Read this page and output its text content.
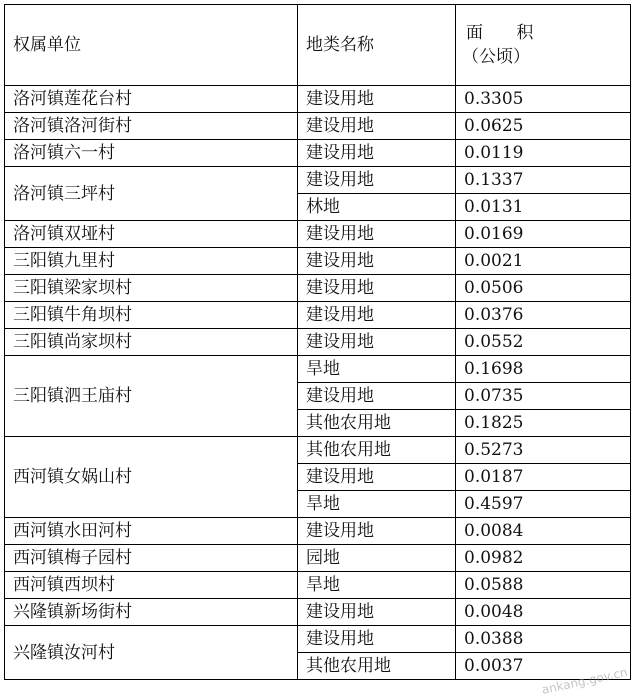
权属单位	地类名称	面 积
（公顷）

洛河镇莲花台村	建设用地	0.3305
洛河镇洛河街村	建设用地	0.0625
洛河镇六一村	建设用地	0.0119
洛河镇三坪村	建设用地	0.1337
	林地	0.0131
洛河镇双垭村	建设用地	0.0169
三阳镇九里村	建设用地	0.0021
三阳镇梁家坝村	建设用地	0.0506
三阳镇牛角坝村	建设用地	0.0376
三阳镇尚家坝村	建设用地	0.0552
三阳镇泗王庙村	旱地	0.1698
	建设用地	0.0735
	其他农用地	0.1825
西河镇女娲山村	其他农用地	0.5273
	建设用地	0.0187
	旱地	0.4597
西河镇水田河村	建设用地	0.0084
西河镇梅子园村	园地	0.0982
西河镇西坝村	旱地	0.0588
兴隆镇新场街村	建设用地	0.0048
兴隆镇汝河村	建设用地	0.0388
	其他农用地	0.0037 ankang.gov.cn
